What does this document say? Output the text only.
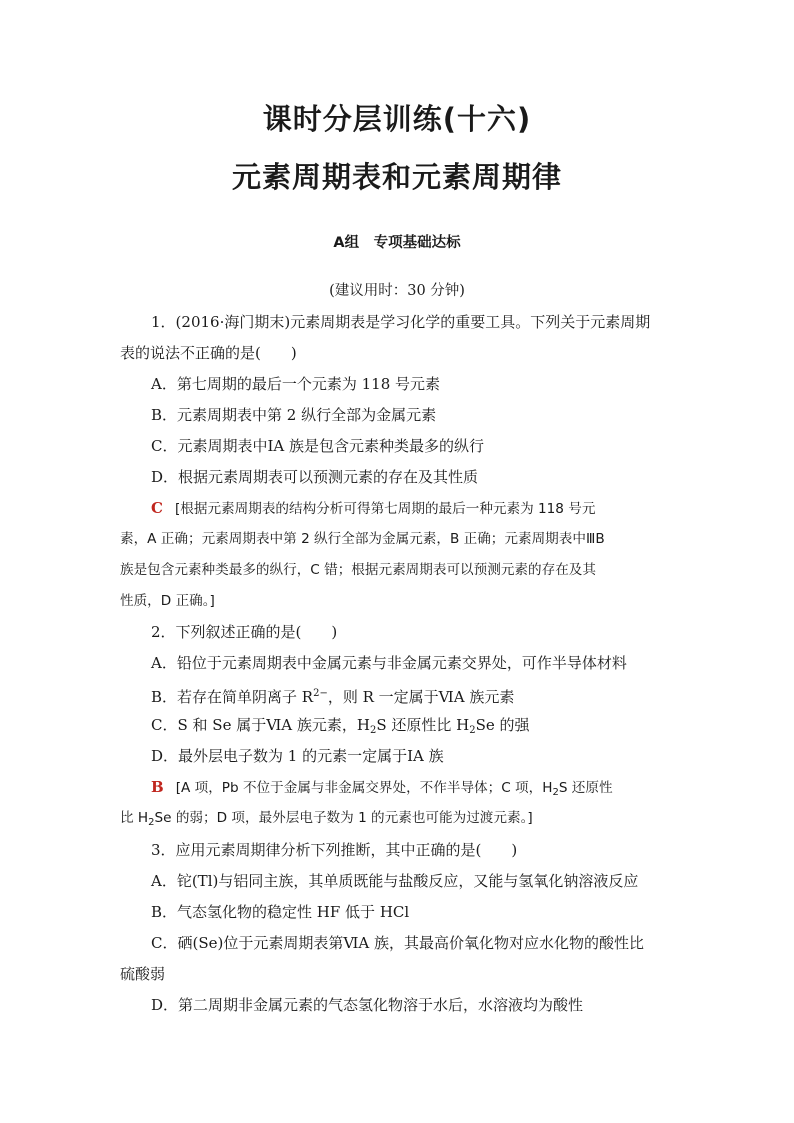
课时分层训练(十六)
元素周期表和元素周期律
A组　专项基础达标
(建议用时：30 分钟)
1．(2016·海门期末)元素周期表是学习化学的重要工具。下列关于元素周期
表的说法不正确的是(　　)
A．第七周期的最后一个元素为 118 号元素
B．元素周期表中第 2 纵行全部为金属元素
C．元素周期表中ⅠA 族是包含元素种类最多的纵行
D．根据元素周期表可以预测元素的存在及其性质
C [根据元素周期表的结构分析可得第七周期的最后一种元素为 118 号元
素，A 正确；元素周期表中第 2 纵行全部为金属元素，B 正确；元素周期表中ⅢB
族是包含元素种类最多的纵行，C 错；根据元素周期表可以预测元素的存在及其
性质，D 正确。]
2．下列叙述正确的是(　　)
A．铅位于元素周期表中金属元素与非金属元素交界处，可作半导体材料
B．若存在简单阴离子 $R^{2-}$，则 R 一定属于ⅥA 族元素
C．S 和 Se 属于ⅥA 族元素，$H_2S$ 还原性比 $H_2Se$ 的强
D．最外层电子数为 1 的元素一定属于ⅠA 族
B [A 项，Pb 不位于金属与非金属交界处，不作半导体；C 项，$H_2S$ 还原性
比 $H_2Se$ 的弱；D 项，最外层电子数为 1 的元素也可能为过渡元素。]
3．应用元素周期律分析下列推断，其中正确的是(　　)
A．铊(Tl)与铝同主族，其单质既能与盐酸反应，又能与氢氧化钠溶液反应
B．气态氢化物的稳定性 HF 低于 HCl
C．硒(Se)位于元素周期表第ⅥA 族，其最高价氧化物对应水化物的酸性比
硫酸弱
D．第二周期非金属元素的气态氢化物溶于水后，水溶液均为酸性
